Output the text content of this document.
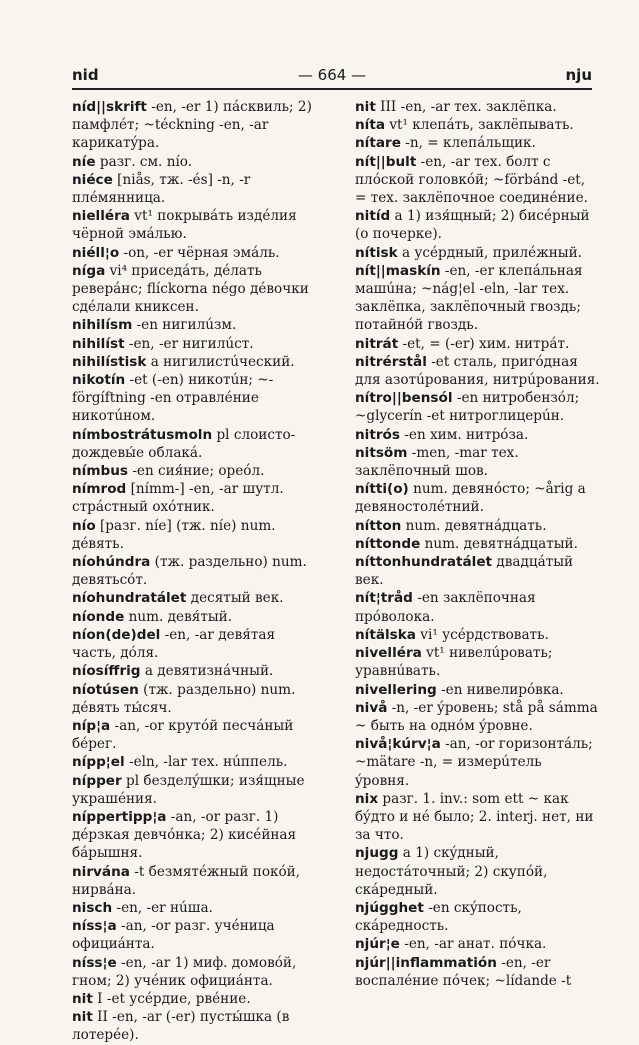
nid	— 664 —	nju

níd||skrift -en, -er 1) пáсквиль; 2) памфлéт; ~téckning -en, -ar карикатýра.

níe разг. см. nío.

niéce [niås, тж. -és] -n, -r плéмянница.

nielléra vt¹ покрывáть издéлия чёрной эмáлью.

niéll¦o -on, -er чёрная эмáль.

níga vi⁴ приседáть, дéлать реверáнс; flíckorna négo дéвочки сдéлали книксен.

nihilísm -en нигилúзм.

nihilíst -en, -er нигилúст.

nihilístisk a нигилистúческий.

nikotín -et (-en) никотúн; ~-förgíftning -en отравлéние никотúном.

nímbostrátusmoln pl слоисто-дождевы́е облакá.

nímbus -en сия́ние; ореóл.

nímrod [nímm-] -en, -ar шутл. стрáстный охóтник.

nío [разг. níe] (тж. níe) num. дéвять.

níohúndra (тж. раздельно) num. девятьсóт.

níohundratálet десятый век.

níonde num. девя́тый.

níon(de)del -en, -ar девя́тая часть, дóля.

níosíffrig a девятизнáчный.

níotúsen (тж. раздельно) num. дéвять ты́сяч.

níp¦a -an, -or крутóй песчáный бéрег.

nípp¦el -eln, -lar тех. нúппель.

nípper pl безделýшки; изя́щные украшéния.

níppertipp¦a -an, -or разг. 1) дéрзкая девчóнка; 2) кисéйная бáрышня.

nirvána -t безмятéжный покóй, нирвáна.

nisch -en, -er нúша.

níss¦a -an, -or разг. учéница официáнта.

níss¦e -en, -ar 1) миф. домовóй, гном; 2) учéник официáнта.

nit I -et усéрдие, рвéние.

nit II -en, -ar (-er) пусты́шка (в лотерéе).

nit III -en, -ar тех. заклёпка.

níta vt¹ клепáть, заклёпывать.

nítare -n, = клепáльщик.

nít||bult -en, -ar тех. болт с плóской головкóй; ~förbánd -et, = тех. заклёпочное соединéние.

nitíd a 1) изя́щный; 2) бисéрный (о почерке).

nítisk a усéрдный, прилéжный.

nít||maskín -en, -er клепáльная машúна; ~nág¦el -eln, -lar тех. заклёпка, заклёпочный гвоздь; потайнóй гвоздь.

nitrát -et, = (-er) хим. нитрáт.

nitrérstål -et сталь, пригóдная для азотúрования, нитрúрования.

nítro||bensól -en нитробензóл; ~glycerín -et нитроглицерúн.

nitrós -en хим. нитрóза.

nitsöm -men, -mar тех. заклёпочный шов.

nítti(o) num. девянóсто; ~årig a девяностолéтний.

nítton num. девятнáдцать.

níttonde num. девятнáдцатый.

níttonhundratálet двадцáтый век.

nít¦tråd -en заклёпочная прóволока.

nítälska vi¹ усéрдствовать.

nivelléra vt¹ нивелúровать; уравнúвать.

nivellering -en нивелирóвка.

nivå -n, -er ýровень; stå på sámma ~ быть на однóм ýровне.

nivå¦kúrv¦a -an, -or горизонтáль; ~mätare -n, = измерúтель ýровня.

nix разг. 1. inv.: som ett ~ как бýдто и нé было; 2. interj. нет, ни за что.

njugg a 1) скýдный, недостáточный; 2) скупóй, скáредный.

njúgghet -en скýпость, скáредность.

njúr¦e -en, -ar анат. пóчка.

njúr||inflammatión -en, -er воспалéние пóчек; ~lídande -t
